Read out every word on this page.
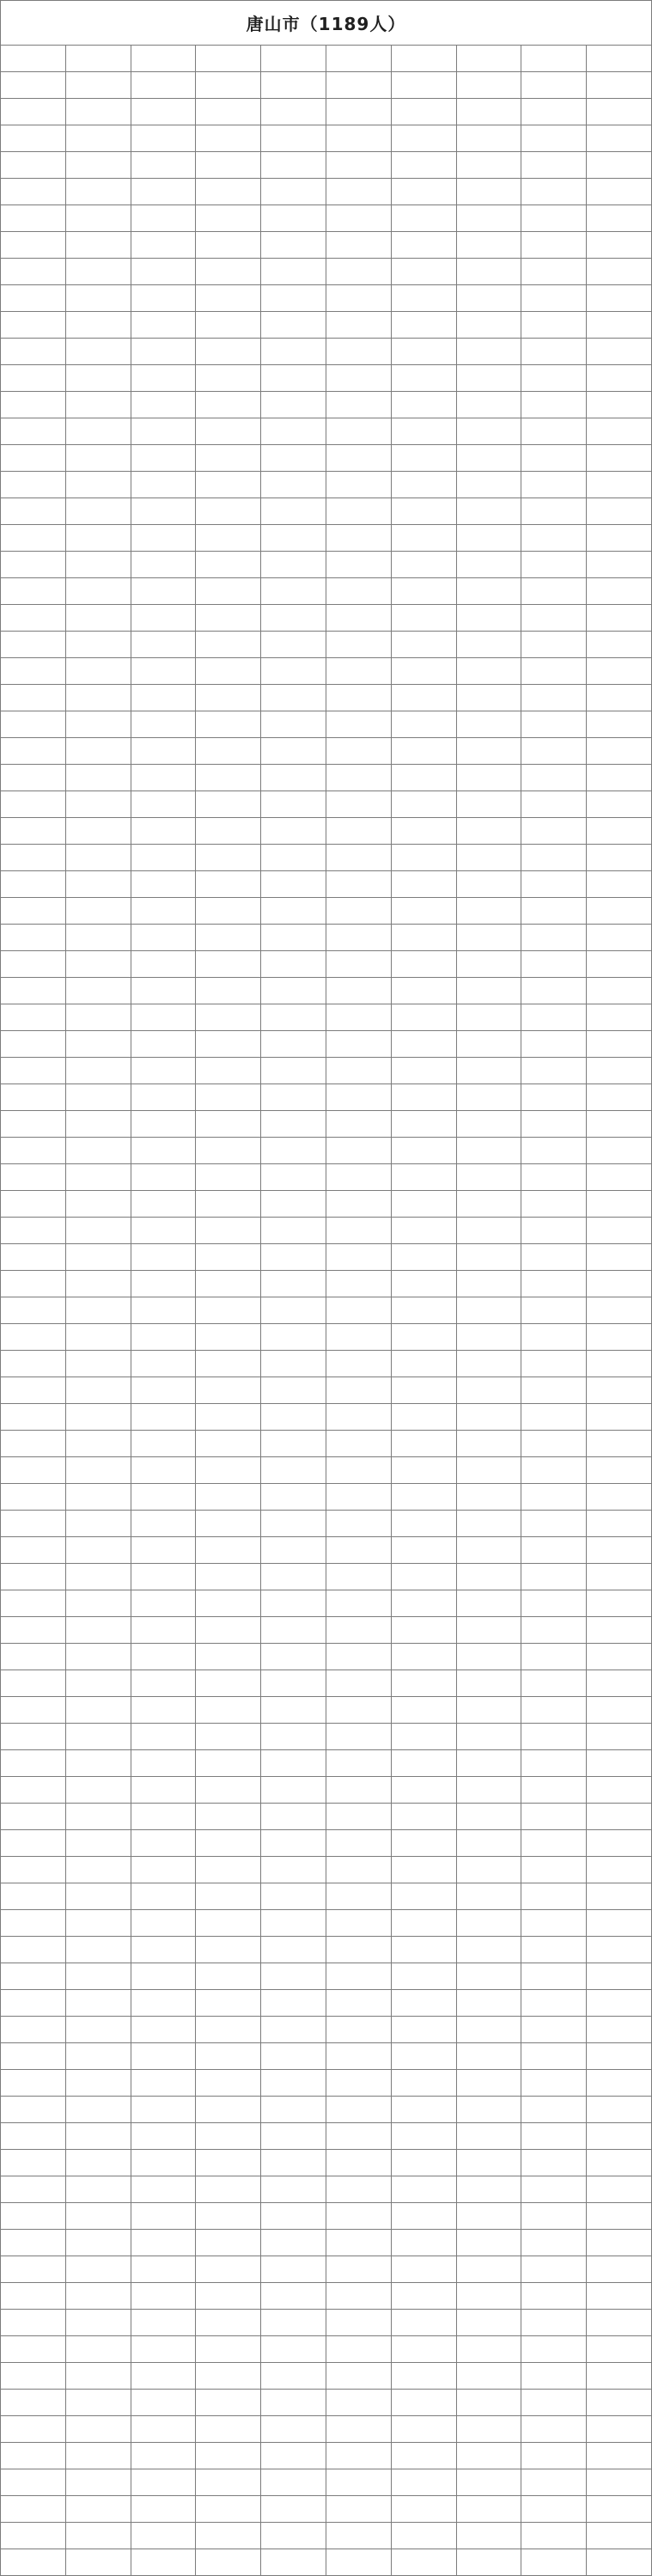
唐山市（1189人）
